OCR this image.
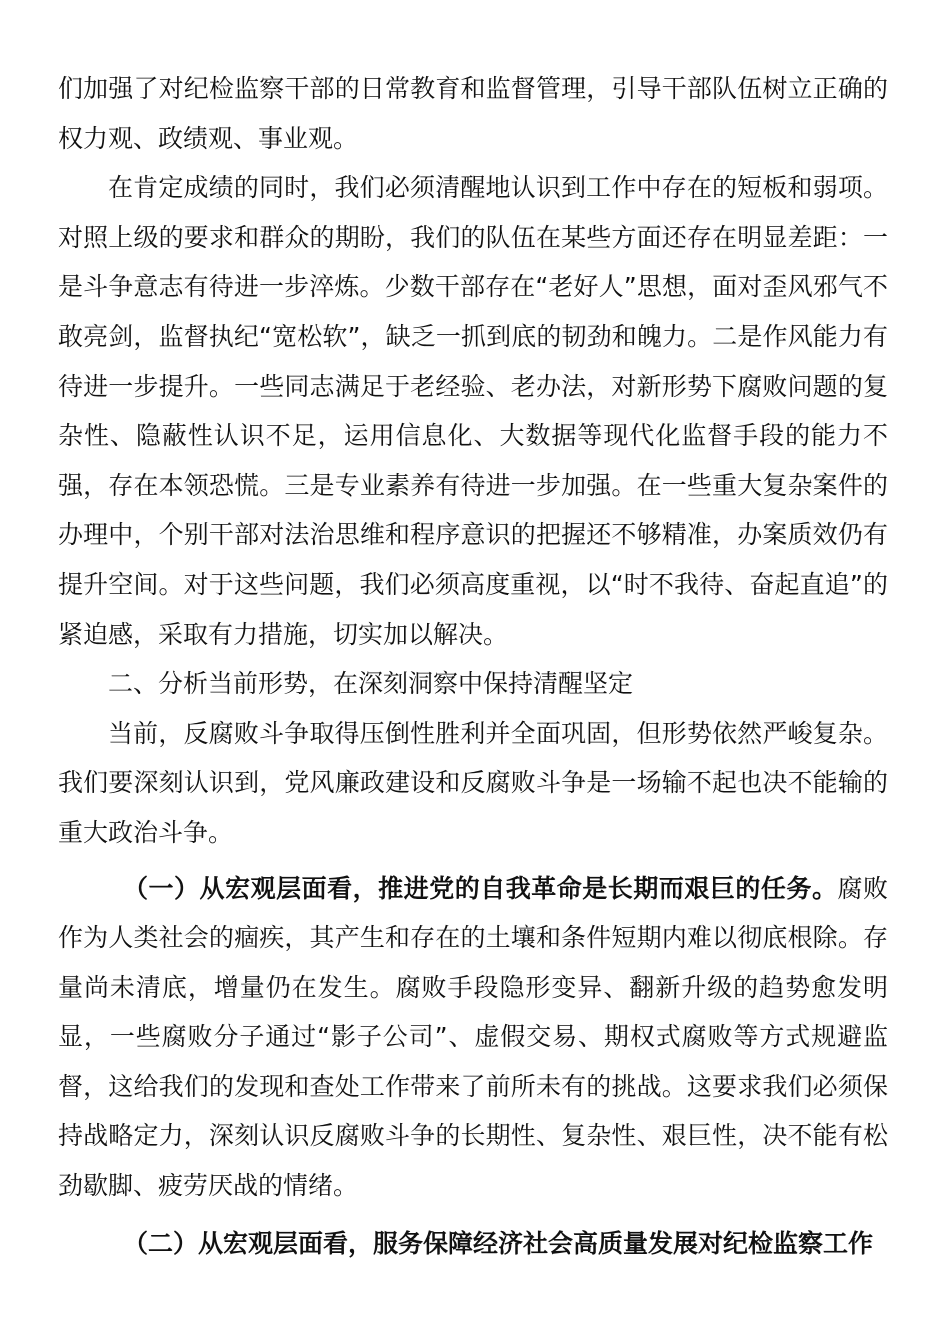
们加强了对纪检监察干部的日常教育和监督管理，引导干部队伍树立正确的权力观、政绩观、事业观。

在肯定成绩的同时，我们必须清醒地认识到工作中存在的短板和弱项。对照上级的要求和群众的期盼，我们的队伍在某些方面还存在明显差距：一是斗争意志有待进一步淬炼。少数干部存在“老好人”思想，面对歪风邪气不敢亮剑，监督执纪“宽松软”，缺乏一抓到底的韧劲和魄力。二是作风能力有待进一步提升。一些同志满足于老经验、老办法，对新形势下腐败问题的复杂性、隐蔽性认识不足，运用信息化、大数据等现代化监督手段的能力不强，存在本领恐慌。三是专业素养有待进一步加强。在一些重大复杂案件的办理中，个别干部对法治思维和程序意识的把握还不够精准，办案质效仍有提升空间。对于这些问题，我们必须高度重视，以“时不我待、奋起直追”的紧迫感，采取有力措施，切实加以解决。

二、分析当前形势，在深刻洞察中保持清醒坚定

当前，反腐败斗争取得压倒性胜利并全面巩固，但形势依然严峻复杂。我们要深刻认识到，党风廉政建设和反腐败斗争是一场输不起也决不能输的重大政治斗争。

（一）从宏观层面看，推进党的自我革命是长期而艰巨的任务。腐败作为人类社会的痼疾，其产生和存在的土壤和条件短期内难以彻底根除。存量尚未清底，增量仍在发生。腐败手段隐形变异、翻新升级的趋势愈发明显，一些腐败分子通过“影子公司”、虚假交易、期权式腐败等方式规避监督，这给我们的发现和查处工作带来了前所未有的挑战。这要求我们必须保持战略定力，深刻认识反腐败斗争的长期性、复杂性、艰巨性，决不能有松劲歇脚、疲劳厌战的情绪。

（二）从宏观层面看，服务保障经济社会高质量发展对纪检监察工作
